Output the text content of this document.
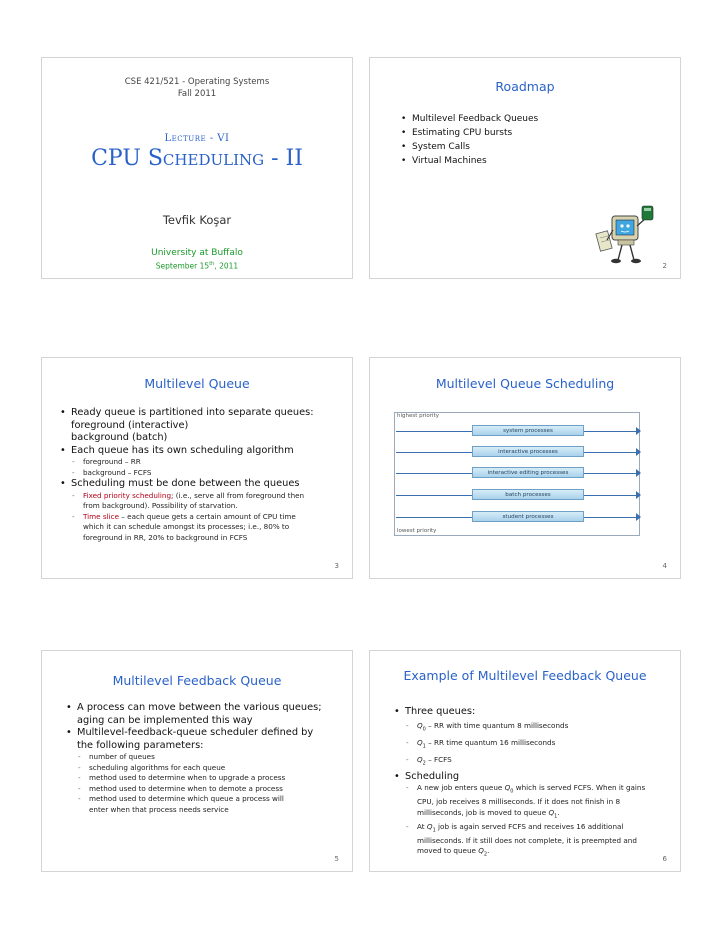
CSE 421/521 - Operating Systems
Fall 2011
Lecture - VI
CPU Scheduling - II
Tevfik Koşar
University at Buffalo
September 15th, 2011
Roadmap
• Multilevel Feedback Queues
• Estimating CPU bursts
• System Calls
• Virtual Machines
2
Multilevel Queue
• Ready queue is partitioned into separate queues:
foreground (interactive)
background (batch)
• Each queue has its own scheduling algorithm
- foreground – RR
- background – FCFS
• Scheduling must be done between the queues
- Fixed priority scheduling; (i.e., serve all from foreground then
from background). Possibility of starvation.
- Time slice – each queue gets a certain amount of CPU time
which it can schedule amongst its processes; i.e., 80% to
foreground in RR, 20% to background in FCFS
3
Multilevel Queue Scheduling
4
highest priority
system processes
interactive processes
interactive editing processes
batch processes
student processes
lowest priority
Multilevel Feedback Queue
• A process can move between the various queues;
aging can be implemented this way
• Multilevel-feedback-queue scheduler defined by
the following parameters:
- number of queues
- scheduling algorithms for each queue
- method used to determine when to upgrade a process
- method used to determine when to demote a process
- method used to determine which queue a process will
enter when that process needs service
5
Example of Multilevel Feedback Queue
• Three queues:
- $Q_0$ – RR with time quantum 8 milliseconds
- $Q_1$ – RR time quantum 16 milliseconds
- $Q_2$ – FCFS
• Scheduling
- A new job enters queue $Q_0$ which is served FCFS. When it gains
CPU, job receives 8 milliseconds. If it does not finish in 8
milliseconds, job is moved to queue $Q_1$.
- At $Q_1$ job is again served FCFS and receives 16 additional
milliseconds. If it still does not complete, it is preempted and
moved to queue $Q_2$.
6
